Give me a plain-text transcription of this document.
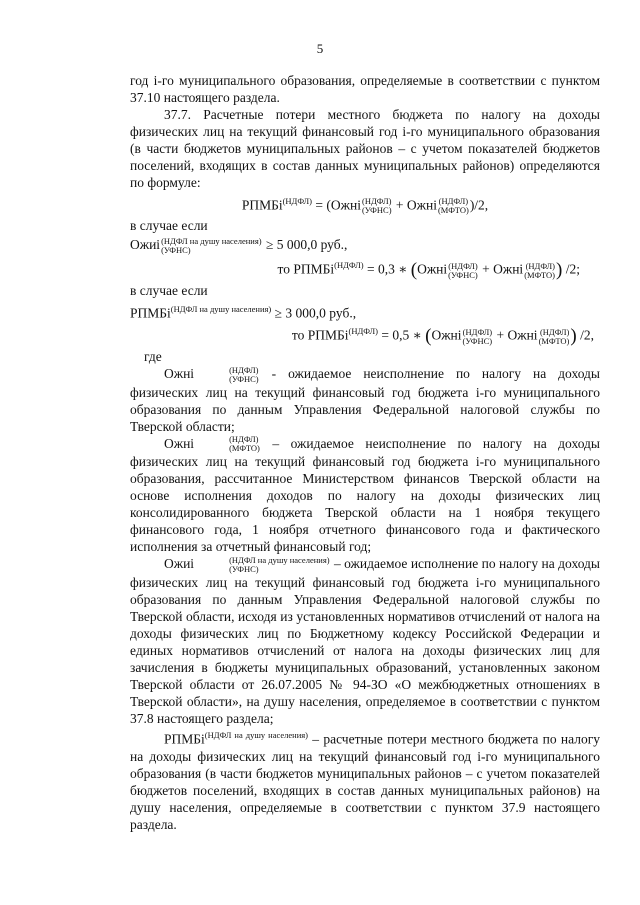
5

год i-го муниципального образования, определяемые в соответствии с пунктом 37.10 настоящего раздела.

37.7. Расчетные потери местного бюджета по налогу на доходы физических лиц на текущий финансовый год i-го муниципального образования (в части бюджетов муниципальных районов – с учетом показателей бюджетов поселений, входящих в состав данных муниципальных районов) определяются по формуле:

РПМБi$^{(НДФЛ)}$ = (Ожнi (НДФЛ)
(УФНС) + Ожнi (НДФЛ)
(МФТО) )/2,
в случае если
Ожиi (НДФЛ на душу населения)
(УФНС)	≥ 5 000,0 руб.,
то РПМБi$^{(НДФЛ)}$ = 0,3 ∗ (Ожнi (НДФЛ)
(УФНС) + Ожнi (НДФЛ)
(МФТО) ) /2;
в случае если
РПМБi$^{(НДФЛ на душу населения)}$ ≥ 3 000,0 руб.,
то РПМБi$^{(НДФЛ)}$ = 0,5 ∗ (Ожнi (НДФЛ)
(УФНС) + Ожнi (НДФЛ)
(МФТО) ) /2,
где

Ожнi	(НДФЛ)
(УФНС) - ожидаемое неисполнение по налогу на доходы физических лиц на текущий финансовый год бюджета i-го муниципального образования по данным Управления Федеральной налоговой службы по Тверской области;

Ожнi	(НДФЛ)
(МФТО) – ожидаемое неисполнение по налогу на доходы физических лиц на текущий финансовый год бюджета i-го муниципального образования, рассчитанное Министерством финансов Тверской области на основе исполнения доходов по налогу на доходы физических лиц консолидированного бюджета Тверской области на 1 ноября текущего финансового года, 1 ноября отчетного финансового года и фактического исполнения за отчетный финансовый год;

Ожиi	(НДФЛ на душу населения)
(УФНС)	– ожидаемое исполнение по налогу на доходы физических лиц на текущий финансовый год бюджета i-го муниципального образования по данным Управления Федеральной налоговой службы по Тверской области, исходя из установленных нормативов отчислений от налога на доходы физических лиц по Бюджетному кодексу Российской Федерации и единых нормативов отчислений от налога на доходы физических лиц для зачисления в бюджеты муниципальных образований, установленных законом Тверской области от 26.07.2005 № 94-ЗО «О межбюджетных отношениях в Тверской области», на душу населения, определяемое в соответствии с пунктом 37.8 настоящего раздела;

РПМБi$^{(НДФЛ на душу населения)}$ – расчетные потери местного бюджета по налогу на доходы физических лиц на текущий финансовый год i-го муниципального образования (в части бюджетов муниципальных районов – с учетом показателей бюджетов поселений, входящих в состав данных муниципальных районов) на душу населения, определяемые в соответствии с пунктом 37.9 настоящего раздела.
